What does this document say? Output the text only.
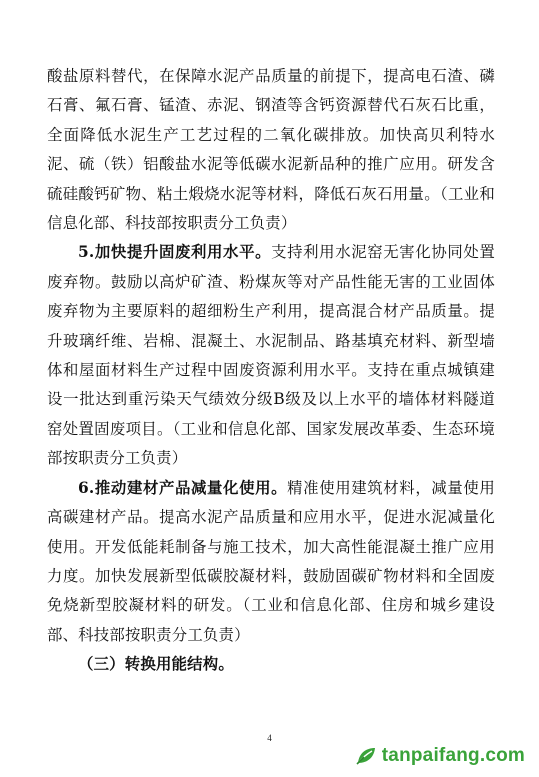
酸盐原料替代，在保障水泥产品质量的前提下，提高电石渣、磷石膏、氟石膏、锰渣、赤泥、钢渣等含钙资源替代石灰石比重，全面降低水泥生产工艺过程的二氧化碳排放。加快高贝利特水泥、硫（铁）铝酸盐水泥等低碳水泥新品种的推广应用。研发含硫硅酸钙矿物、粘土煅烧水泥等材料，降低石灰石用量。（工业和信息化部、科技部按职责分工负责）

5.加快提升固废利用水平。支持利用水泥窑无害化协同处置废弃物。鼓励以高炉矿渣、粉煤灰等对产品性能无害的工业固体废弃物为主要原料的超细粉生产利用，提高混合材产品质量。提升玻璃纤维、岩棉、混凝土、水泥制品、路基填充材料、新型墙体和屋面材料生产过程中固废资源利用水平。支持在重点城镇建设一批达到重污染天气绩效分级B级及以上水平的墙体材料隧道窑处置固废项目。（工业和信息化部、国家发展改革委、生态环境部按职责分工负责）

6.推动建材产品减量化使用。精准使用建筑材料，减量使用高碳建材产品。提高水泥产品质量和应用水平，促进水泥减量化使用。开发低能耗制备与施工技术，加大高性能混凝土推广应用力度。加快发展新型低碳胶凝材料，鼓励固碳矿物材料和全固废免烧新型胶凝材料的研发。（工业和信息化部、住房和城乡建设部、科技部按职责分工负责）

（三）转换用能结构。

4
tanpaifang.com
